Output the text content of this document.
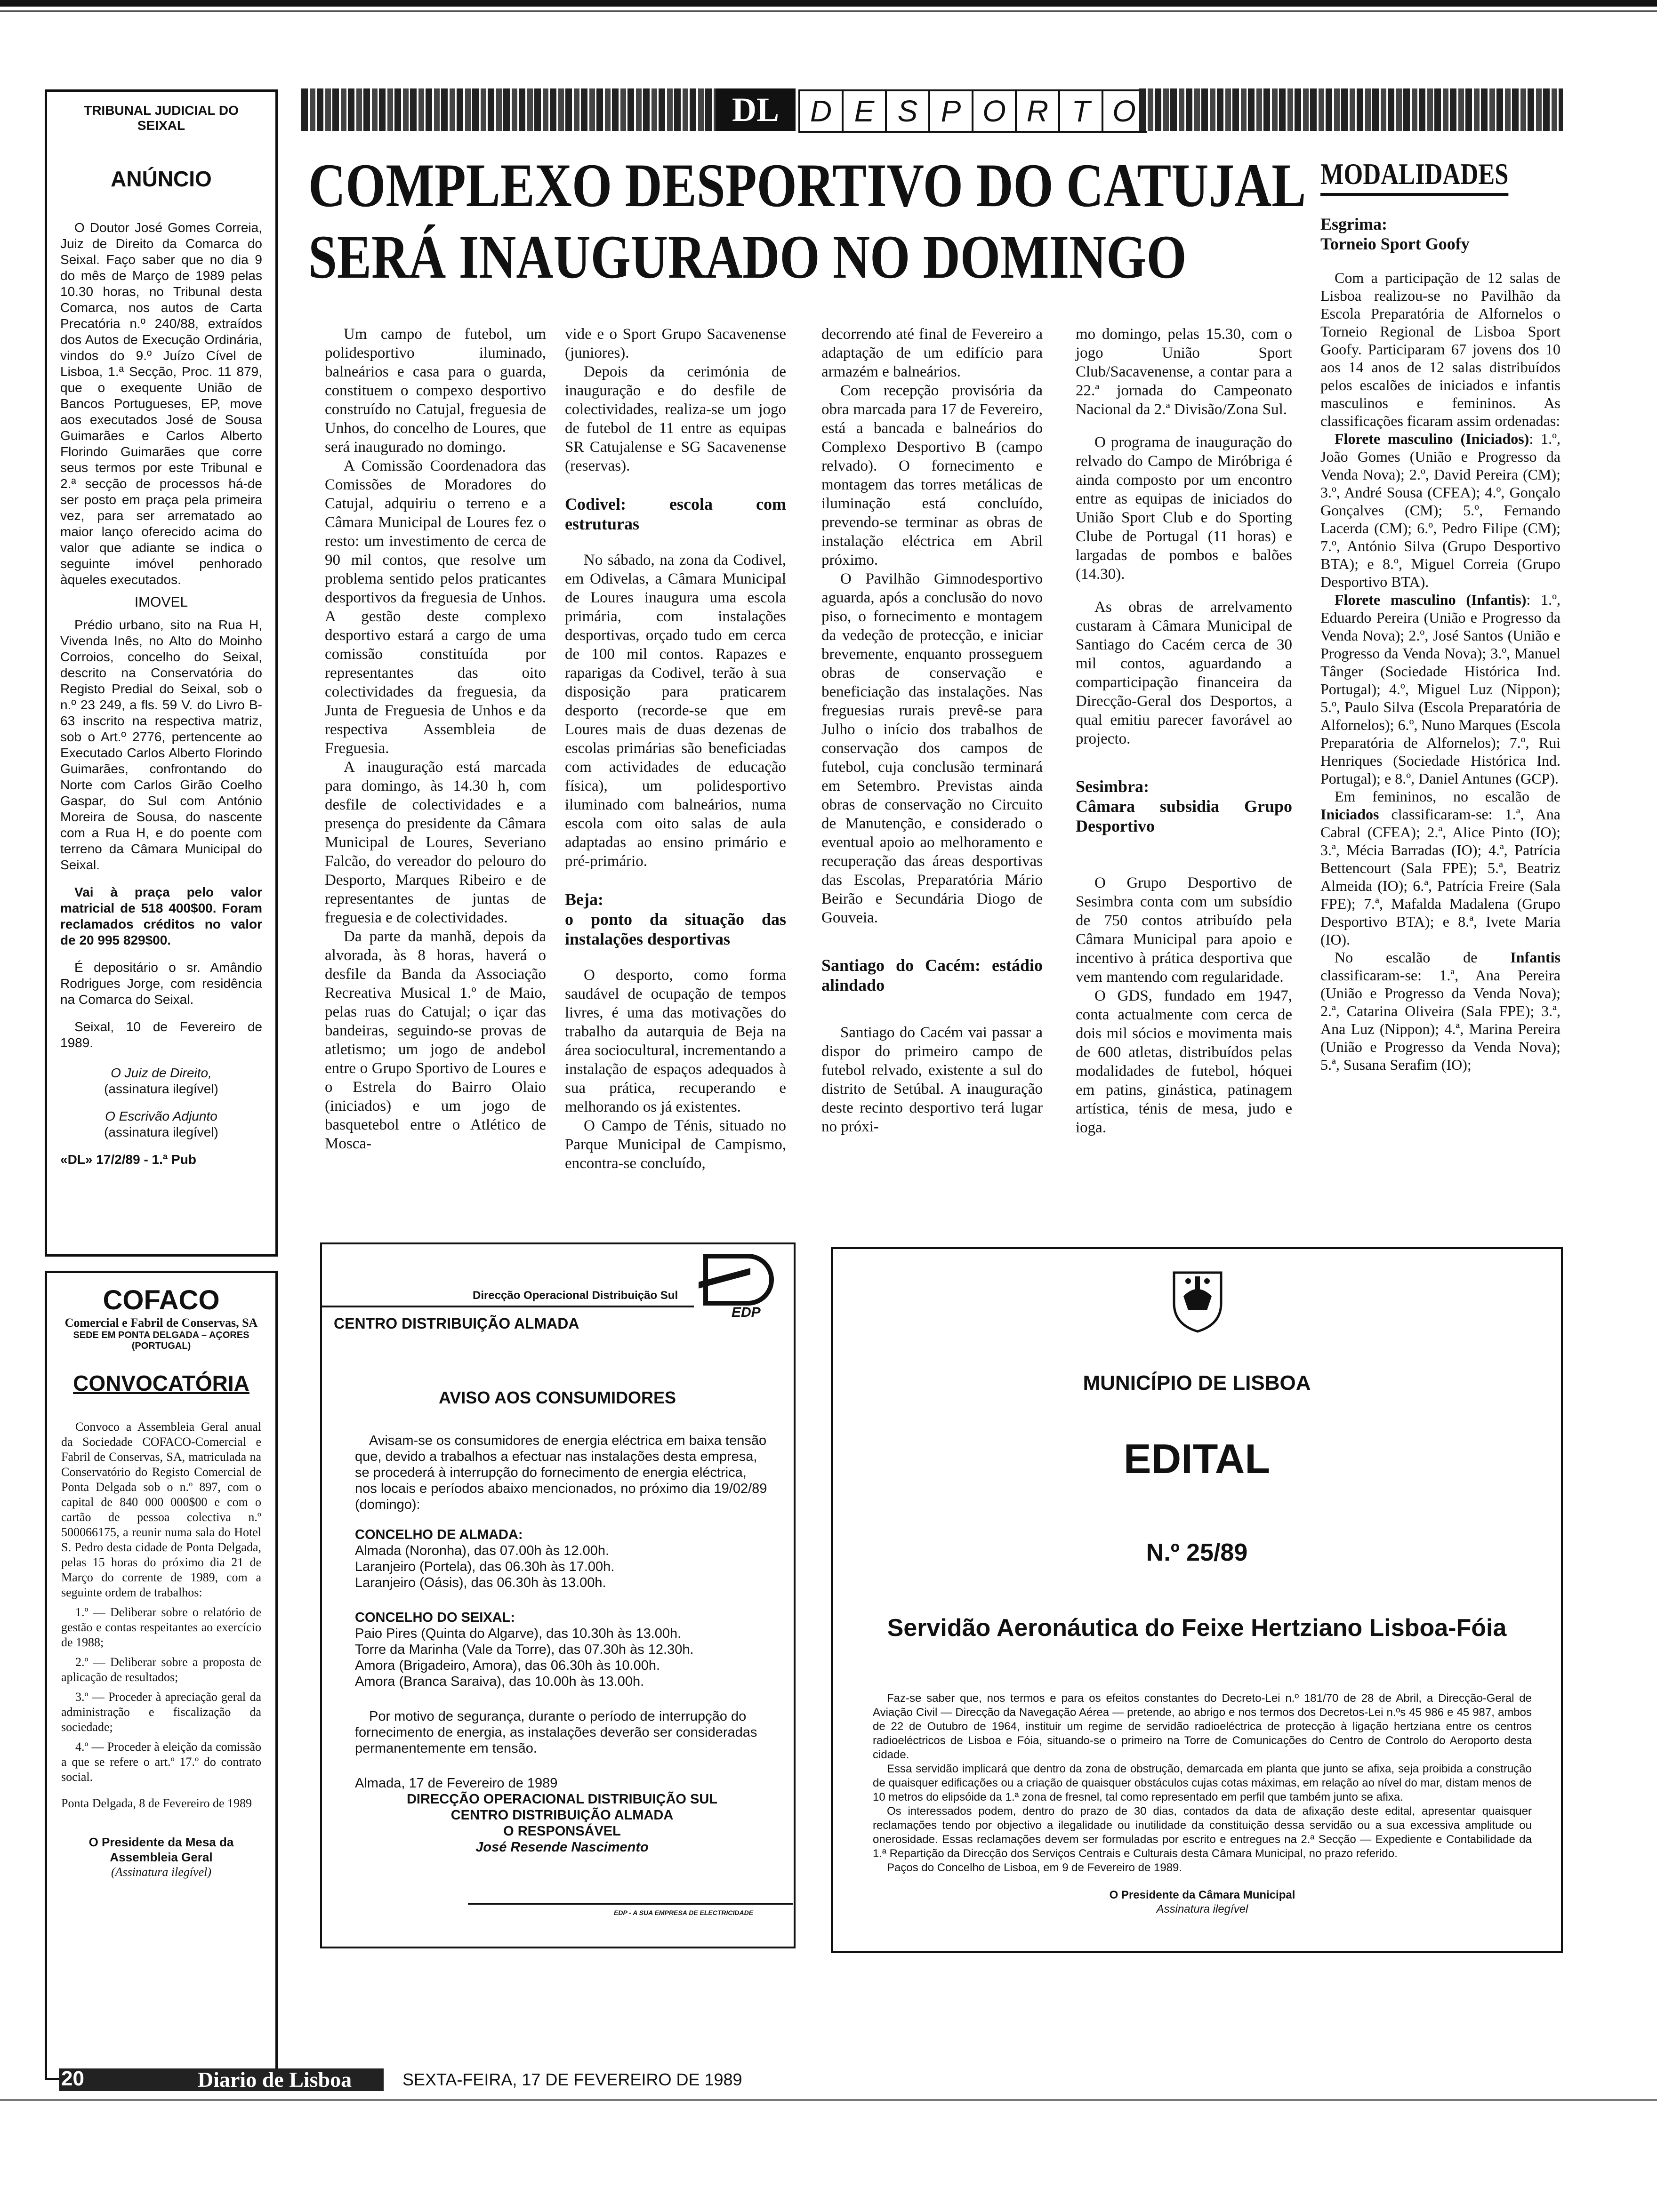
TRIBUNAL JUDICIAL DO SEIXAL
ANÚNCIO

O Doutor José Gomes Correia, Juiz de Direito da Comarca do Seixal. Faço saber que no dia 9 do mês de Março de 1989 pelas 10.30 horas, no Tribunal desta Comarca, nos autos de Carta Precatória n.º 240/88, extraídos dos Autos de Execução Ordinária, vindos do 9.º Juízo Cível de Lisboa, 1.ª Secção, Proc. 11 879, que o exequente União de Bancos Portugueses, EP, move aos executados José de Sousa Guimarães e Carlos Alberto Florindo Guimarães que corre seus termos por este Tribunal e 2.ª secção de processos há-de ser posto em praça pela primeira vez, para ser arrematado ao maior lanço oferecido acima do valor que adiante se indica o seguinte imóvel penhorado àqueles executados.

IMOVEL

Prédio urbano, sito na Rua H, Vivenda Inês, no Alto do Moinho Corroios, concelho do Seixal, descrito na Conservatória do Registo Predial do Seixal, sob o n.º 23 249, a fls. 59 V. do Livro B-63 inscrito na respectiva matriz, sob o Art.º 2776, pertencente ao Executado Carlos Alberto Florindo Guimarães, confrontando do Norte com Carlos Girão Coelho Gaspar, do Sul com António Moreira de Sousa, do nascente com a Rua H, e do poente com terreno da Câmara Municipal do Seixal.

Vai à praça pelo valor matricial de 518 400$00. Foram reclamados créditos no valor de 20 995 829$00.

É depositário o sr. Amândio Rodrigues Jorge, com residência na Comarca do Seixal.

Seixal, 10 de Fevereiro de 1989.

O Juiz de Direito,
(assinatura ilegível)
O Escrivão Adjunto
(assinatura ilegível)
«DL» 17/2/89 - 1.ª Pub
COFACO
Comercial e Fabril de Conservas, SA
SEDE EM PONTA DELGADA – AÇORES
(PORTUGAL)
CONVOCATÓRIA

Convoco a Assembleia Geral anual da Sociedade COFACO-Comercial e Fabril de Conservas, SA, matriculada na Conservatório do Registo Comercial de Ponta Delgada sob o n.º 897, com o capital de 840 000 000$00 e com o cartão de pessoa colectiva n.º 500066175, a reunir numa sala do Hotel S. Pedro desta cidade de Ponta Delgada, pelas 15 horas do próximo dia 21 de Março do corrente de 1989, com a seguinte ordem de trabalhos:

1.º — Deliberar sobre o relatório de gestão e contas respeitantes ao exercício de 1988;
2.º — Deliberar sobre a proposta de aplicação de resultados;
3.º — Proceder à apreciação geral da administração e fiscalização da sociedade;
4.º — Proceder à eleição da comissão a que se refere o art.º 17.º do contrato social.

Ponta Delgada, 8 de Fevereiro de 1989

O Presidente da Mesa da Assembleia Geral
(Assinatura ilegível)
DL	D E S P O R T O
COMPLEXO DESPORTIVO DO CATUJAL
SERÁ INAUGURADO NO DOMINGO

Um campo de futebol, um polidesportivo iluminado, balneários e casa para o guarda, constituem o compexo desportivo construído no Catujal, freguesia de Unhos, do concelho de Loures, que será inaugurado no domingo.

A Comissão Coordenadora das Comissões de Moradores do Catujal, adquiriu o terreno e a Câmara Municipal de Loures fez o resto: um investimento de cerca de 90 mil contos, que resolve um problema sentido pelos praticantes desportivos da freguesia de Unhos. A gestão deste complexo desportivo estará a cargo de uma comissão constituída por representantes das oito colectividades da freguesia, da Junta de Freguesia de Unhos e da respectiva Assembleia de Freguesia.

A inauguração está marcada para domingo, às 14.30 h, com desfile de colectividades e a presença do presidente da Câmara Municipal de Loures, Severiano Falcão, do vereador do pelouro do Desporto, Marques Ribeiro e de representantes de juntas de freguesia e de colectividades.

Da parte da manhã, depois da alvorada, às 8 horas, haverá o desfile da Banda da Associação Recreativa Musical 1.º de Maio, pelas ruas do Catujal; o içar das bandeiras, seguindo-se provas de atletismo; um jogo de andebol entre o Grupo Sportivo de Loures e o Estrela do Bairro Olaio (iniciados) e um jogo de basquetebol entre o Atlético de Mosca-

vide e o Sport Grupo Sacavenense (juniores).

Depois da cerimónia de inauguração e do desfile de colectividades, realiza-se um jogo de futebol de 11 entre as equipas SR Catujalense e SG Sacavenense (reservas).

Codivel: escola com estruturas

No sábado, na zona da Codivel, em Odivelas, a Câmara Municipal de Loures inaugura uma escola primária, com instalações desportivas, orçado tudo em cerca de 100 mil contos. Rapazes e raparigas da Codivel, terão à sua disposição para praticarem desporto (recorde-se que em Loures mais de duas dezenas de escolas primárias são beneficiadas com actividades de educação física), um polidesportivo iluminado com balneários, numa escola com oito salas de aula adaptadas ao ensino primário e pré-primário.

Beja:
o ponto da situação das instalações desportivas

O desporto, como forma saudável de ocupação de tempos livres, é uma das motivações do trabalho da autarquia de Beja na área sociocultural, incrementando a instalação de espaços adequados à sua prática, recuperando e melhorando os já existentes.

O Campo de Ténis, situado no Parque Municipal de Campismo, encontra-se concluído,

decorrendo até final de Fevereiro a adaptação de um edifício para armazém e balneários.

Com recepção provisória da obra marcada para 17 de Fevereiro, está a bancada e balneários do Complexo Desportivo B (campo relvado). O fornecimento e montagem das torres metálicas de iluminação está concluído, prevendo-se terminar as obras de instalação eléctrica em Abril próximo.

O Pavilhão Gimnodesportivo aguarda, após a conclusão do novo piso, o fornecimento e montagem da vedeção de protecção, e iniciar brevemente, enquanto prosseguem obras de conservação e beneficiação das instalações. Nas freguesias rurais prevê-se para Julho o início dos trabalhos de conservação dos campos de futebol, cuja conclusão terminará em Setembro. Previstas ainda obras de conservação no Circuito de Manutenção, e considerado o eventual apoio ao melhoramento e recuperação das áreas desportivas das Escolas, Preparatória Mário Beirão e Secundária Diogo de Gouveia.

Santiago do Cacém: estádio alindado

Santiago do Cacém vai passar a dispor do primeiro campo de futebol relvado, existente a sul do distrito de Setúbal. A inauguração deste recinto desportivo terá lugar no próxi-

mo domingo, pelas 15.30, com o jogo União Sport Club/Sacavenense, a contar para a 22.ª jornada do Campeonato Nacional da 2.ª Divisão/Zona Sul.

O programa de inauguração do relvado do Campo de Miróbriga é ainda composto por um encontro entre as equipas de iniciados do União Sport Club e do Sporting Clube de Portugal (11 horas) e largadas de pombos e balões (14.30).

As obras de arrelvamento custaram à Câmara Municipal de Santiago do Cacém cerca de 30 mil contos, aguardando a comparticipação financeira da Direcção-Geral dos Desportos, a qual emitiu parecer favorável ao projecto.

Sesimbra:
Câmara subsidia Grupo Desportivo

O Grupo Desportivo de Sesimbra conta com um subsídio de 750 contos atribuído pela Câmara Municipal para apoio e incentivo à prática desportiva que vem mantendo com regularidade.

O GDS, fundado em 1947, conta actualmente com cerca de dois mil sócios e movimenta mais de 600 atletas, distribuídos pelas modalidades de futebol, hóquei em patins, ginástica, patinagem artística, ténis de mesa, judo e ioga.

MODALIDADES
Esgrima:
Torneio Sport Goofy

Com a participação de 12 salas de Lisboa realizou-se no Pavilhão da Escola Preparatória de Alfornelos o Torneio Regional de Lisboa Sport Goofy. Participaram 67 jovens dos 10 aos 14 anos de 12 salas distribuídos pelos escalões de iniciados e infantis masculinos e femininos. As classificações ficaram assim ordenadas:

Florete masculino (Iniciados): 1.º, João Gomes (União e Progresso da Venda Nova); 2.º, David Pereira (CM); 3.º, André Sousa (CFEA); 4.º, Gonçalo Gonçalves (CM); 5.º, Fernando Lacerda (CM); 6.º, Pedro Filipe (CM); 7.º, António Silva (Grupo Desportivo BTA); e 8.º, Miguel Correia (Grupo Desportivo BTA).

Florete masculino (Infantis): 1.º, Eduardo Pereira (União e Progresso da Venda Nova); 2.º, José Santos (União e Progresso da Venda Nova); 3.º, Manuel Tânger (Sociedade Histórica Ind. Portugal); 4.º, Miguel Luz (Nippon); 5.º, Paulo Silva (Escola Preparatória de Alfornelos); 6.º, Nuno Marques (Escola Preparatória de Alfornelos); 7.º, Rui Henriques (Sociedade Histórica Ind. Portugal); e 8.º, Daniel Antunes (GCP).

Em femininos, no escalão de Iniciados classificaram-se: 1.ª, Ana Cabral (CFEA); 2.ª, Alice Pinto (IO); 3.ª, Mécia Barradas (IO); 4.ª, Patrícia Bettencourt (Sala FPE); 5.ª, Beatriz Almeida (IO); 6.ª, Patrícia Freire (Sala FPE); 7.ª, Mafalda Madalena (Grupo Desportivo BTA); e 8.ª, Ivete Maria (IO).

No escalão de Infantis classificaram-se: 1.ª, Ana Pereira (União e Progresso da Venda Nova); 2.ª, Catarina Oliveira (Sala FPE); 3.ª, Ana Luz (Nippon); 4.ª, Marina Pereira (União e Progresso da Venda Nova); 5.ª, Susana Serafim (IO);

Direcção Operacional Distribuição Sul
EDP
CENTRO DISTRIBUIÇÃO ALMADA
AVISO AOS CONSUMIDORES

Avisam-se os consumidores de energia eléctrica em baixa tensão que, devido a trabalhos a efectuar nas instalações desta empresa, se procederá à interrupção do fornecimento de energia eléctrica, nos locais e períodos abaixo mencionados, no próximo dia 19/02/89 (domingo):

CONCELHO DE ALMADA:
Almada (Noronha), das 07.00h às 12.00h.
Laranjeiro (Portela), das 06.30h às 17.00h.
Laranjeiro (Oásis), das 06.30h às 13.00h.
CONCELHO DO SEIXAL:
Paio Pires (Quinta do Algarve), das 10.30h às 13.00h.
Torre da Marinha (Vale da Torre), das 07.30h às 12.30h.
Amora (Brigadeiro, Amora), das 06.30h às 10.00h.
Amora (Branca Saraiva), das 10.00h às 13.00h.

Por motivo de segurança, durante o período de interrupção do fornecimento de energia, as instalações deverão ser consideradas permanentemente em tensão.

Almada, 17 de Fevereiro de 1989
DIRECÇÃO OPERACIONAL DISTRIBUIÇÃO SUL
CENTRO DISTRIBUIÇÃO ALMADA
O RESPONSÁVEL
José Resende Nascimento
EDP - A SUA EMPRESA DE ELECTRICIDADE
MUNICÍPIO DE LISBOA
EDITAL
N.º 25/89
Servidão Aeronáutica do Feixe Hertziano Lisboa-Fóia

Faz-se saber que, nos termos e para os efeitos constantes do Decreto-Lei n.º 181/70 de 28 de Abril, a Direcção-Geral de Aviação Civil — Direcção da Navegação Aérea — pretende, ao abrigo e nos termos dos Decretos-Lei n.ºs 45 986 e 45 987, ambos de 22 de Outubro de 1964, instituir um regime de servidão radioeléctrica de protecção à ligação hertziana entre os centros radioeléctricos de Lisboa e Fóia, situando-se o primeiro na Torre de Comunicações do Centro de Controlo do Aeroporto desta cidade.

Essa servidão implicará que dentro da zona de obstrução, demarcada em planta que junto se afixa, seja proibida a construção de quaisquer edificações ou a criação de quaisquer obstáculos cujas cotas máximas, em relação ao nível do mar, distam menos de 10 metros do elipsóide da 1.ª zona de fresnel, tal como representado em perfil que também junto se afixa.

Os interessados podem, dentro do prazo de 30 dias, contados da data de afixação deste edital, apresentar quaisquer reclamações tendo por objectivo a ilegalidade ou inutilidade da constituição dessa servidão ou a sua excessiva amplitude ou onerosidade. Essas reclamações devem ser formuladas por escrito e entregues na 2.ª Secção — Expediente e Contabilidade da 1.ª Repartição da Direcção dos Serviços Centrais e Culturais desta Câmara Municipal, no prazo referido.

Paços do Concelho de Lisboa, em 9 de Fevereiro de 1989.

O Presidente da Câmara Municipal
Assinatura ilegível
20	Diario de Lisboa	SEXTA-FEIRA, 17 DE FEVEREIRO DE 1989
